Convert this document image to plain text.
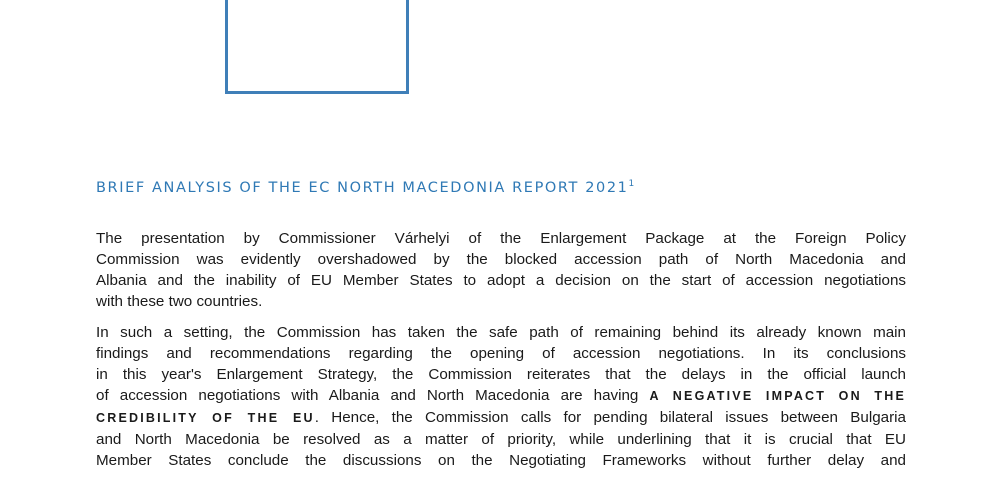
BRIEF ANALYSIS OF THE EC NORTH MACEDONIA REPORT 2021$^1$

The presentation by Commissioner Várhelyi of the Enlargement Package at the Foreign Policy
Commission was evidently overshadowed by the blocked accession path of North Macedonia and
Albania and the inability of EU Member States to adopt a decision on the start of accession negotiations
with these two countries.

In such a setting, the Commission has taken the safe path of remaining behind its already known main
findings and recommendations regarding the opening of accession negotiations. In its conclusions
in this year's Enlargement Strategy, the Commission reiterates that the delays in the official launch
of accession negotiations with Albania and North Macedonia are having A NEGATIVE IMPACT ON THE
CREDIBILITY OF THE EU. Hence, the Commission calls for pending bilateral issues between Bulgaria
and North Macedonia be resolved as a matter of priority, while underlining that it is crucial that EU
Member States conclude the discussions on the Negotiating Frameworks without further delay and
